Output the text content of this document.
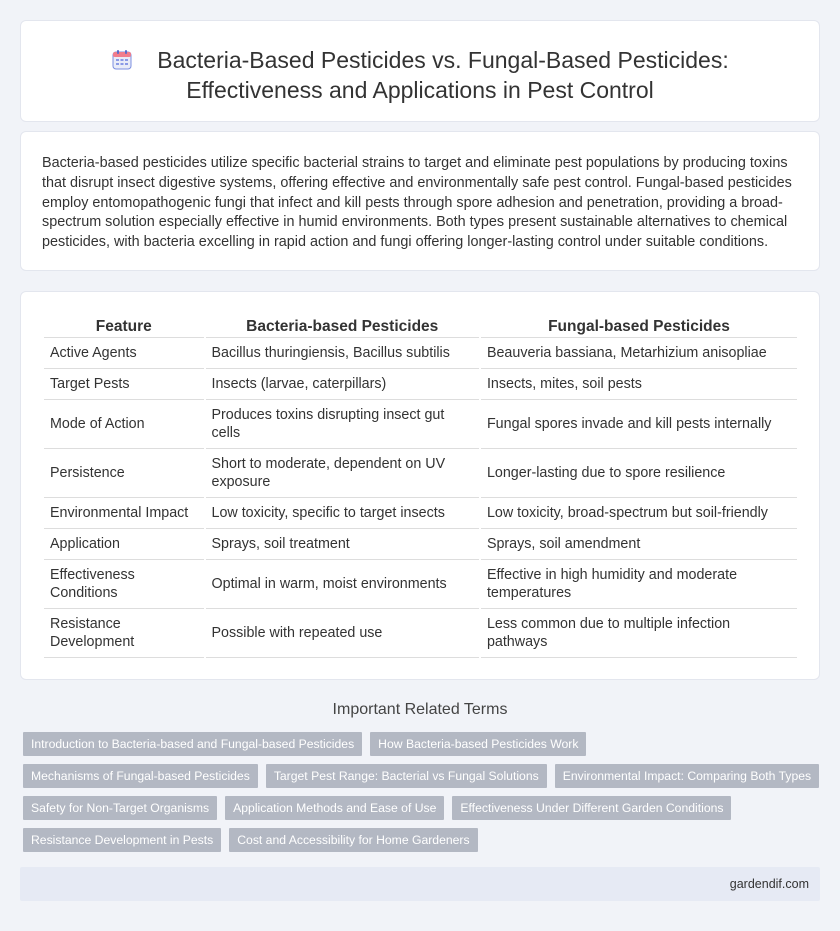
Bacteria-Based Pesticides vs. Fungal-Based Pesticides:
Effectiveness and Applications in Pest Control

Bacteria-based pesticides utilize specific bacterial strains to target and eliminate pest populations by producing toxins that disrupt insect digestive systems, offering effective and environmentally safe pest control. Fungal-based pesticides employ entomopathogenic fungi that infect and kill pests through spore adhesion and penetration, providing a broad-spectrum solution especially effective in humid environments. Both types present sustainable alternatives to chemical pesticides, with bacteria excelling in rapid action and fungi offering longer-lasting control under suitable conditions.

Feature	Bacteria-based Pesticides	Fungal-based Pesticides
Active Agents	Bacillus thuringiensis, Bacillus subtilis	Beauveria bassiana, Metarhizium anisopliae
Target Pests	Insects (larvae, caterpillars)	Insects, mites, soil pests
Mode of Action	Produces toxins disrupting insect gut cells	Fungal spores invade and kill pests internally
Persistence	Short to moderate, dependent on UV exposure	Longer-lasting due to spore resilience
Environmental Impact	Low toxicity, specific to target insects	Low toxicity, broad-spectrum but soil-friendly
Application	Sprays, soil treatment	Sprays, soil amendment
Effectiveness Conditions	Optimal in warm, moist environments	Effective in high humidity and moderate temperatures
Resistance Development	Possible with repeated use	Less common due to multiple infection pathways
Important Related Terms
Introduction to Bacteria-based and Fungal-based Pesticides	How Bacteria-based Pesticides Work
Mechanisms of Fungal-based Pesticides	Target Pest Range: Bacterial vs Fungal Solutions	Environmental Impact: Comparing Both Types
Safety for Non-Target Organisms	Application Methods and Ease of Use	Effectiveness Under Different Garden Conditions
Resistance Development in Pests	Cost and Accessibility for Home Gardeners
gardendif.com
